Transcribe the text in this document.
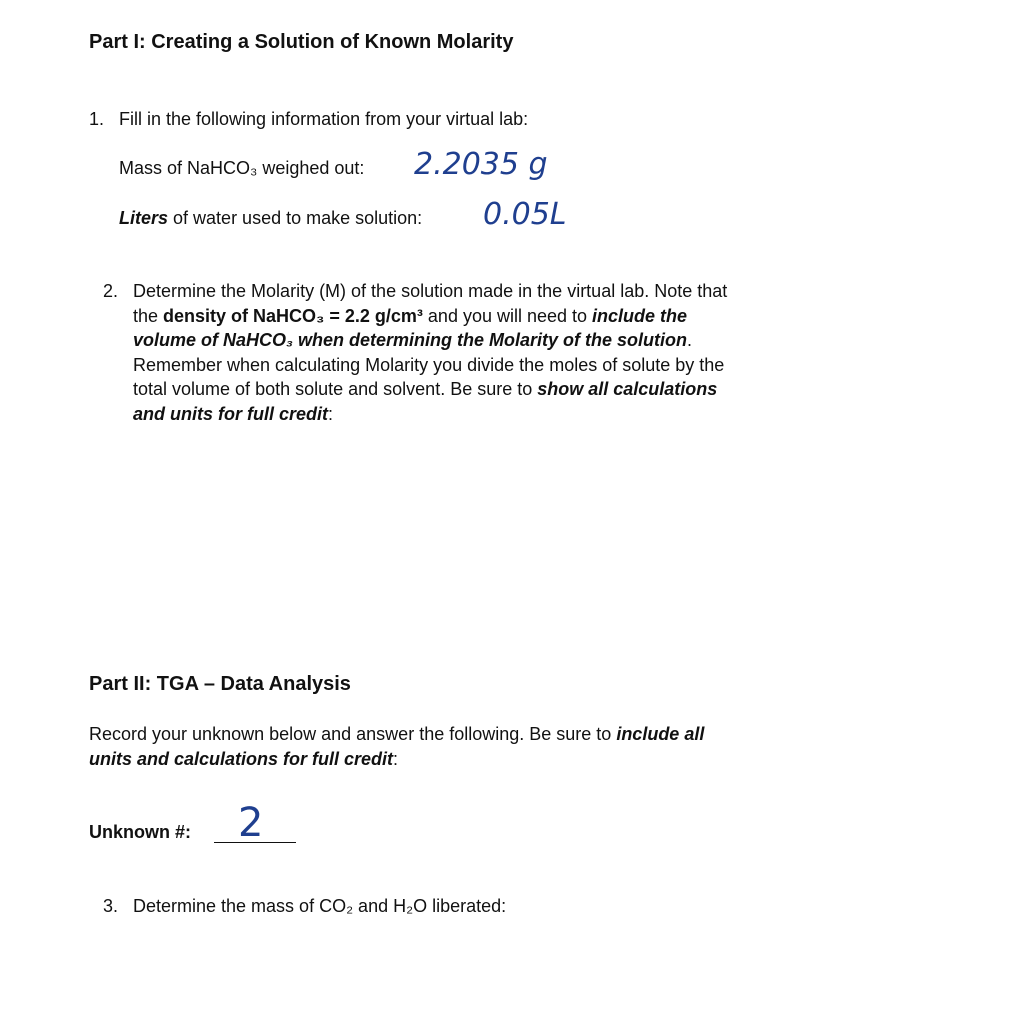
Part I: Creating a Solution of Known Molarity
1. Fill in the following information from your virtual lab:
Mass of NaHCO₃ weighed out: 2.2035 g
Liters of water used to make solution: 0.05L
2. Determine the Molarity (M) of the solution made in the virtual lab. Note that
the density of NaHCO₃ = 2.2 g/cm³ and you will need to include the
volume of NaHCO₃ when determining the Molarity of the solution.
Remember when calculating Molarity you divide the moles of solute by the
total volume of both solute and solvent. Be sure to show all calculations
and units for full credit:
Part II: TGA – Data Analysis
Record your unknown below and answer the following. Be sure to include all
units and calculations for full credit:
Unknown #: 2
3. Determine the mass of CO₂ and H₂O liberated:
